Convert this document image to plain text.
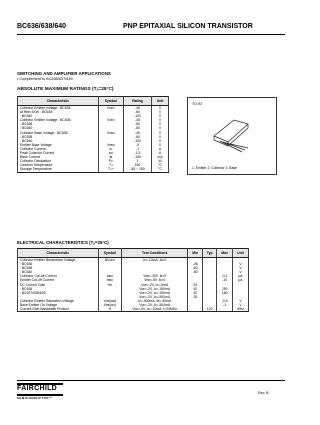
BC636/638/640	PNP EPITAXIAL SILICON TRANSISTOR
SWITCHING AND AMPLIFIER APPLICATIONS
• Complement to BC635/637/639
ABSOLUTE MAXIMUM RATINGS (Tₐ=25°C)
Characteristic	Symbol	Rating	Unit
Collector Emitter Voltage : BC636	Vᴄᴇᴏ	-45	V
at Rʙᴇ=1KW : BC638		-60	V
: BC640		-100	V
Collector Emitter Voltage : BC636	Vᴄᴇᴏ	-45	V
: BC638		-60	V
: BC640		-80	V
Collector Base Voltage : BC636	Vᴄʙᴏ	-45	V
: BC638		-60	V
: BC640		-100	V
Emitter Base Voltage	Vᴇʙᴏ	-5	V
Collector Current	Iᴄ	-1	A
Peak Collector Current	Iᴄᴘ	-1.5	A
Base Current	Iʙ	-100	mA
Collector Dissipation	Pᴄ	1	W
Junction Temperature	Tᴊ	150	°C
Storage Temperature	Tₛₜᵍ	-55 ~ 150	°C
TO-92
1. Emitter 2. Collector 3. Base
ELECTRICAL CHARACTERISTICS (Tₐ=25°C)
Characteristic	Symbol	Test Conditions	Min	Typ	Max	Unit
Collector Emitter Breakdown Voltage	BVᴄᴇᴏ	Iᴄ=-10mA, Iʙ=0				
: BC636			-45			V
: BC638			-60			V
: BC640			-80			V
Collector Cut-off Current	Iᴄʙᴏ	Vᴄʙ=-30V, Iᴇ=0			-0.1	μA
Emitter Cut-off Current	Iᴇʙᴏ	Vᴇʙ=-5V, Iᴄ=0			-10	μA
DC Current Gain	hᶠᴇ	Vᴄᴇ=-2V, Iᴄ=-5mA	25			
: BC636		Vᴄᴇ=-2V, Iᴄ=-150mA	40		250	
: BC637/638/639		Vᴄᴇ=-2V, Iᴄ=-150mA	40		160	
		Vᴄᴇ=-2V, Iᴄ=-500mA	25			
Collector Emitter Saturation Voltage	Vᴄᴇ(sat)	Iᴄ=-500mA, Iʙ=-50mA			-0.5	V
Base Emitter On Voltage	Vʙᴇ(on)	Vᴄᴇ=-2V, Iᴄ=-500mA			-1	V
Current Gain Bandwidth Product	fᴛ	Vᴄᴇ=-5V, Iᴄ=-10mA, f=20MHz		100		MHz
FAIRCHILD
SEMICONDUCTOR™
Rev. B
